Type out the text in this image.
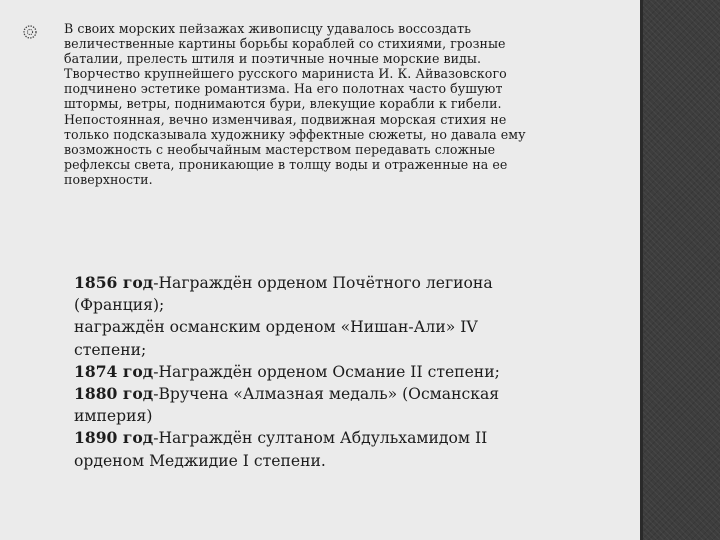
В своих морских пейзажах живописцу удавалось воссоздать
величественные картины борьбы кораблей со стихиями, грозные
баталии, прелесть штиля и поэтичные ночные морские виды.
Творчество крупнейшего русского мариниста И. К. Айвазовского
подчинено эстетике романтизма. На его полотнах часто бушуют
штормы, ветры, поднимаются бури, влекущие корабли к гибели.
Непостоянная, вечно изменчивая, подвижная морская стихия не
только подсказывала художнику эффектные сюжеты, но давала ему
возможность с необычайным мастерством передавать сложные
рефлексы света, проникающие в толщу воды и отраженные на ее
поверхности.
1856 год-Награждён орденом Почётного легиона
(Франция);
награждён османским орденом «Нишан-Али» IV
степени;
1874 год-Награждён орденом Османие II степени;
1880 год-Вручена «Алмазная медаль» (Османская
империя)
1890 год-Награждён султаном Абдульхамидом II
орденом Меджидие I степени.
